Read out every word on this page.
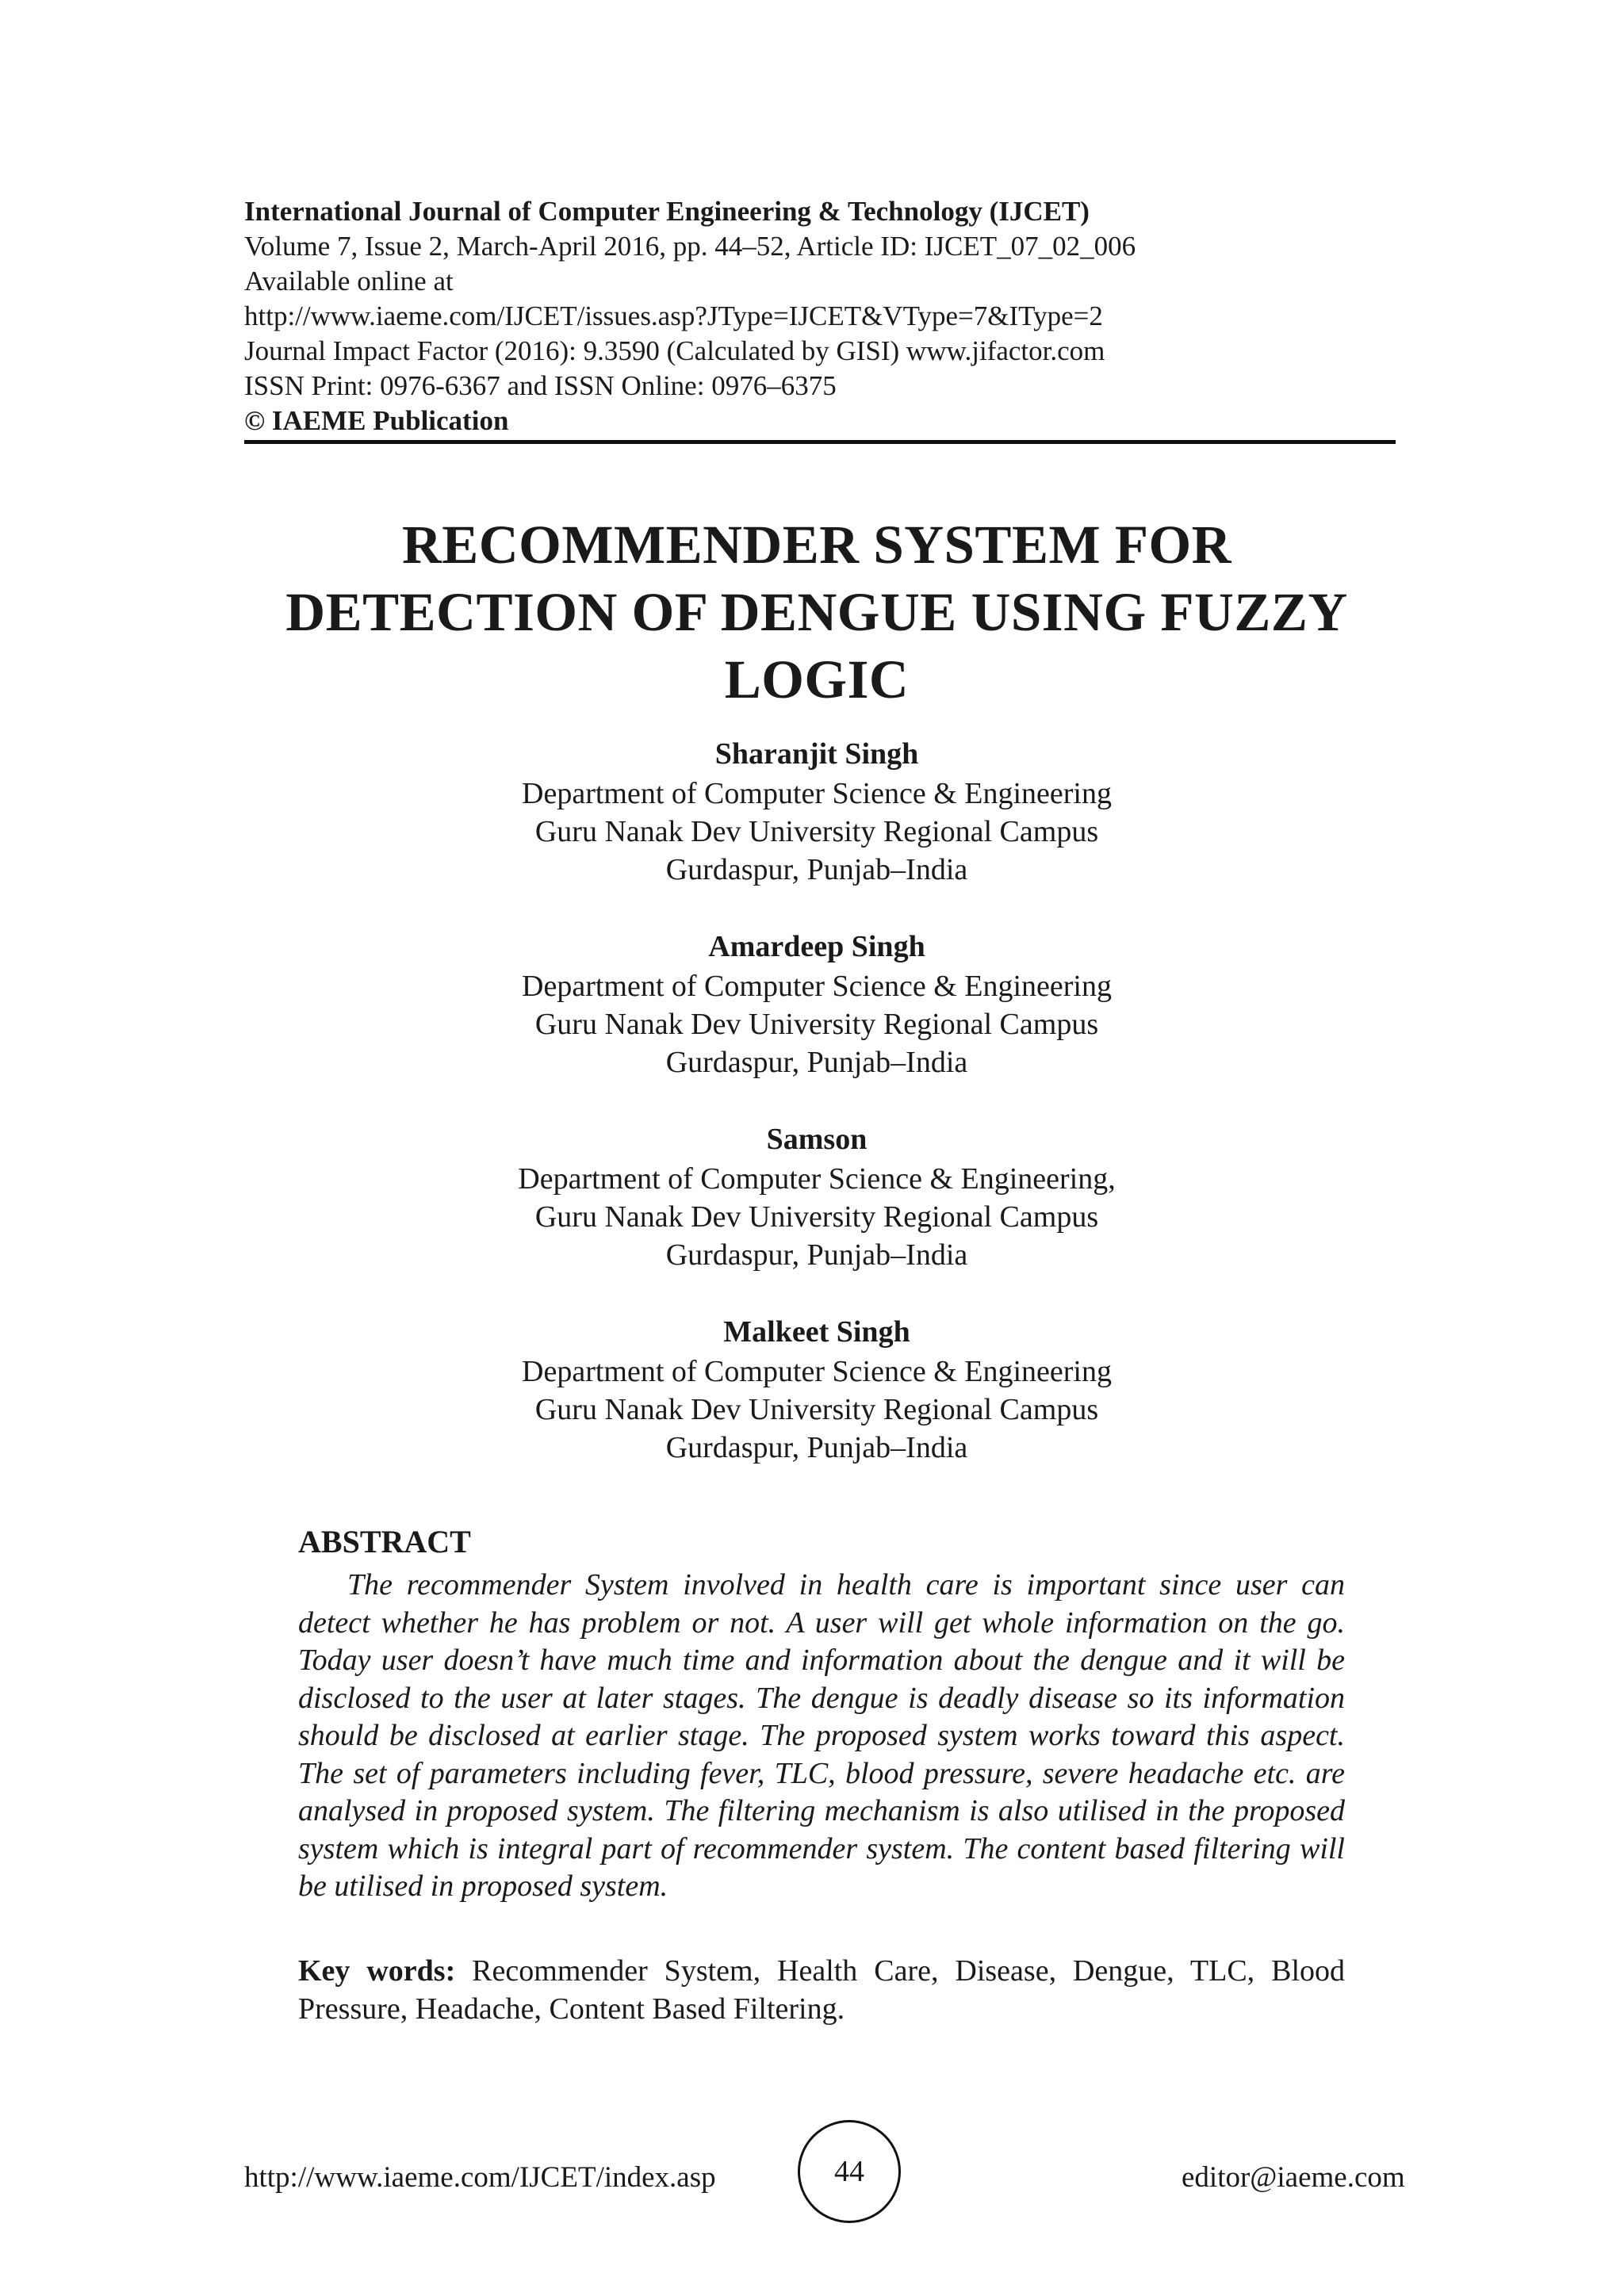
International Journal of Computer Engineering & Technology (IJCET)
Volume 7, Issue 2, March-April 2016, pp. 44–52, Article ID: IJCET_07_02_006
Available online at
http://www.iaeme.com/IJCET/issues.asp?JType=IJCET&VType=7&IType=2
Journal Impact Factor (2016): 9.3590 (Calculated by GISI) www.jifactor.com
ISSN Print: 0976-6367 and ISSN Online: 0976–6375
© IAEME Publication
RECOMMENDER SYSTEM FOR
DETECTION OF DENGUE USING FUZZY
LOGIC
Sharanjit Singh
Department of Computer Science & Engineering
Guru Nanak Dev University Regional Campus
Gurdaspur, Punjab–India
Amardeep Singh
Department of Computer Science & Engineering
Guru Nanak Dev University Regional Campus
Gurdaspur, Punjab–India
Samson
Department of Computer Science & Engineering,
Guru Nanak Dev University Regional Campus
Gurdaspur, Punjab–India
Malkeet Singh
Department of Computer Science & Engineering
Guru Nanak Dev University Regional Campus
Gurdaspur, Punjab–India
ABSTRACT
The recommender System involved in health care is important since user can detect whether he has problem or not. A user will get whole information on the go. Today user doesn’t have much time and information about the dengue and it will be disclosed to the user at later stages. The dengue is deadly disease so its information should be disclosed at earlier stage. The proposed system works toward this aspect. The set of parameters including fever, TLC, blood pressure, severe headache etc. are analysed in proposed system. The filtering mechanism is also utilised in the proposed system which is integral part of recommender system. The content based filtering will be utilised in proposed system.
Key words: Recommender System, Health Care, Disease, Dengue, TLC, Blood Pressure, Headache, Content Based Filtering.
http://www.iaeme.com/IJCET/index.asp	44	editor@iaeme.com
